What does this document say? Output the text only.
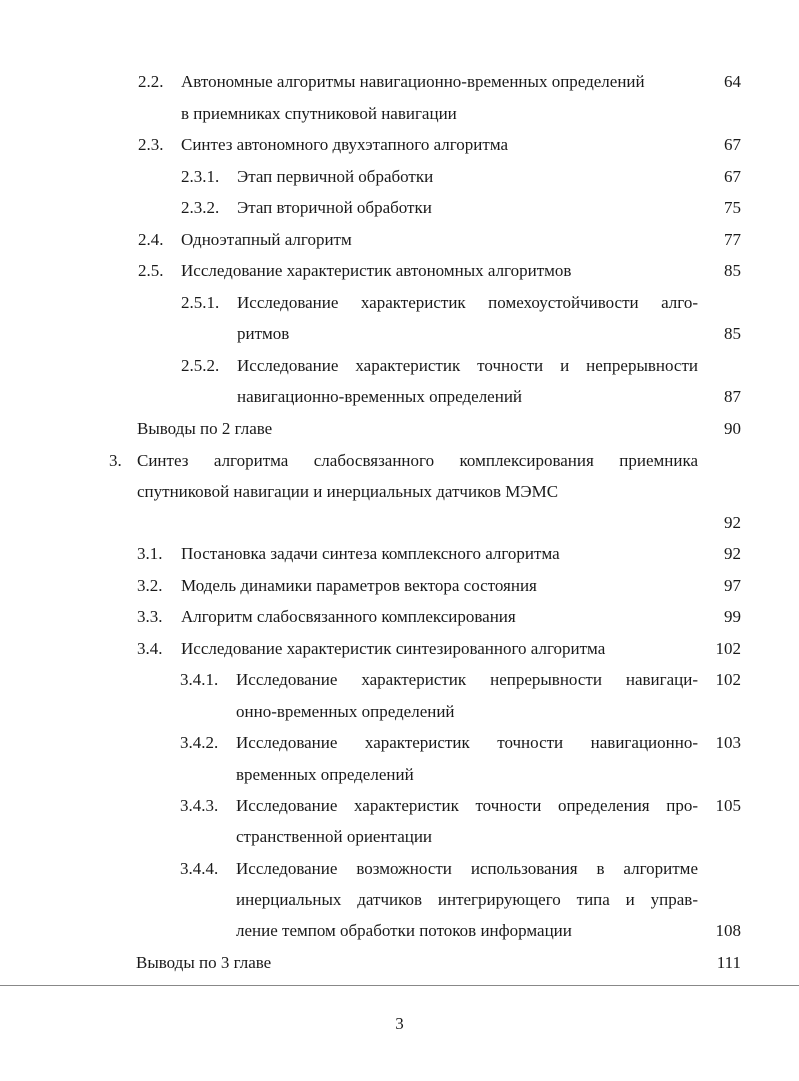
2.2. Автономные алгоритмы навигационно-временных определений	64
в приемниках спутниковой навигации
2.3. Синтез автономного двухэтапного алгоритма	67
2.3.1. Этап первичной обработки	67
2.3.2. Этап вторичной обработки	75
2.4. Одноэтапный алгоритм	77
2.5. Исследование характеристик автономных алгоритмов	85
2.5.1. Исследование характеристик помехоустойчивости алго-
ритмов	85
2.5.2. Исследование характеристик точности и непрерывности
навигационно-временных определений	87
Выводы по 2 главе	90
3. Синтез алгоритма слабосвязанного комплексирования приемника
спутниковой навигации и инерциальных датчиков МЭМС
92
3.1. Постановка задачи синтеза комплексного алгоритма	92
3.2. Модель динамики параметров вектора состояния	97
3.3. Алгоритм слабосвязанного комплексирования	99
3.4. Исследование характеристик синтезированного алгоритма	102
3.4.1. Исследование характеристик непрерывности навигаци-	102
онно-временных определений
3.4.2. Исследование характеристик точности навигационно-	103
временных определений
3.4.3. Исследование характеристик точности определения про-	105
странственной ориентации
3.4.4. Исследование возможности использования в алгоритме
инерциальных датчиков интегрирующего типа и управ-
ление темпом обработки потоков информации	108
Выводы по 3 главе	111
3
